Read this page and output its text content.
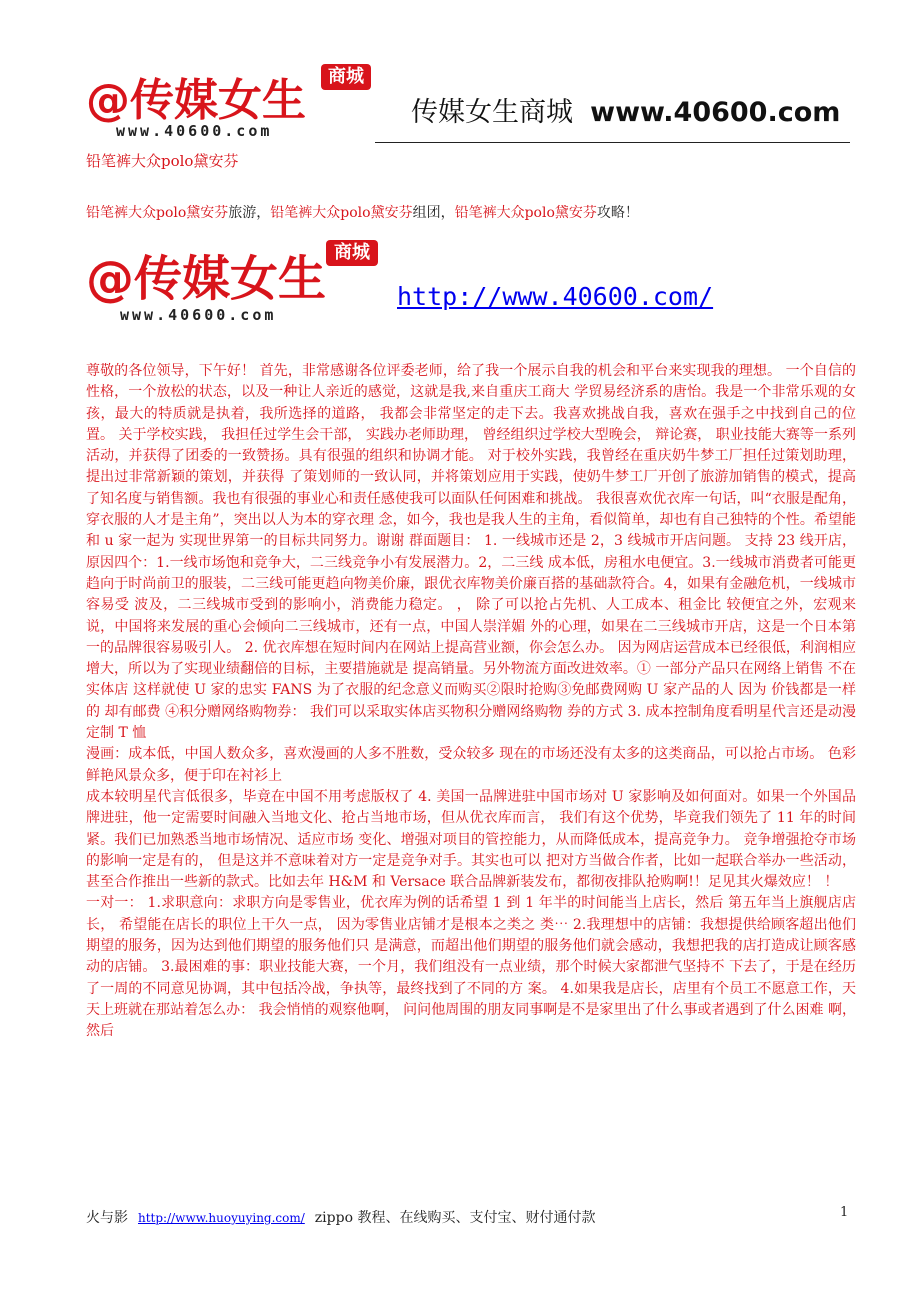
@传媒女生	商城
www.40600.com
传媒女生商城 www.40600.com
铅笔裤大众polo黛安芬
铅笔裤大众polo黛安芬旅游，铅笔裤大众polo黛安芬组团，铅笔裤大众polo黛安芬攻略！
@传媒女生 商城
www.40600.com
http://www.40600.com/

尊敬的各位领导，下午好！ 首先，非常感谢各位评委老师，给了我一个展示自我的机会和平台来实现我的理想。 一个自信的性格，一个放松的状态，以及一种让人亲近的感觉，这就是我,来自重庆工商大 学贸易经济系的唐怡。我是一个非常乐观的女孩，最大的特质就是执着，我所选择的道路， 我都会非常坚定的走下去。我喜欢挑战自我，喜欢在强手之中找到自己的位置。 关于学校实践， 我担任过学生会干部， 实践办老师助理， 曾经组织过学校大型晚会， 辩论赛， 职业技能大赛等一系列活动，并获得了团委的一致赞扬。具有很强的组织和协调才能。 对于校外实践，我曾经在重庆奶牛梦工厂担任过策划助理，提出过非常新颖的策划，并获得 了策划师的一致认同，并将策划应用于实践，使奶牛梦工厂开创了旅游加销售的模式，提高 了知名度与销售额。我也有很强的事业心和责任感使我可以面队任何困难和挑战。 我很喜欢优衣库一句话，叫“衣服是配角，穿衣服的人才是主角”，突出以人为本的穿衣理 念，如今，我也是我人生的主角，看似简单，却也有自己独特的个性。希望能和 u 家一起为 实现世界第一的目标共同努力。谢谢 群面题目： 1. 一线城市还是 2，3 线城市开店问题。 支持 23 线开店，原因四个：1.一线市场饱和竞争大，二三线竞争小有发展潜力。2，二三线 成本低，房租水电便宜。3.一线城市消费者可能更趋向于时尚前卫的服装，二三线可能更趋向物美价廉，跟优衣库物美价廉百搭的基础款符合。4，如果有金融危机，一线城市容易受 波及，二三线城市受到的影响小，消费能力稳定。 ， 除了可以抢占先机、人工成本、租金比 较便宜之外，宏观来说，中国将来发展的重心会倾向二三线城市，还有一点，中国人崇洋媚 外的心理，如果在二三线城市开店，这是一个日本第一的品牌很容易吸引人。 2. 优衣库想在短时间内在网站上提高营业额，你会怎么办。 因为网店运营成本已经很低，利润相应增大，所以为了实现业绩翻倍的目标，主要措施就是 提高销量。另外物流方面改进效率。① 一部分产品只在网络上销售 不在实体店 这样就使 U 家的忠实 FANS 为了衣服的纪念意义而购买②限时抢购③免邮费网购 U 家产品的人 因为 价钱都是一样的 却有邮费 ④积分赠网络购物券： 我们可以采取实体店买物积分赠网络购物 券的方式 3. 成本控制角度看明星代言还是动漫定制 T 恤

漫画：成本低，中国人数众多，喜欢漫画的人多不胜数，受众较多 现在的市场还没有太多的这类商品，可以抢占市场。 色彩鲜艳风景众多，便于印在衬衫上

成本较明星代言低很多，毕竟在中国不用考虑版权了 4. 美国一品牌进驻中国市场对 U 家影响及如何面对。如果一个外国品牌进驻，他一定需要时间融入当地文化、抢占当地市场，但从优衣库而言， 我们有这个优势，毕竟我们领先了 11 年的时间紧。我们已加熟悉当地市场情况、适应市场 变化、增强对项目的管控能力，从而降低成本，提高竞争力。 竞争增强抢夺市场的影响一定是有的， 但是这并不意味着对方一定是竞争对手。其实也可以 把对方当做合作者，比如一起联合举办一些活动，甚至合作推出一些新的款式。比如去年 H&M 和 Versace 联合品牌新装发布，都彻夜排队抢购啊!！足见其火爆效应！ ！

一对一： 1.求职意向：求职方向是零售业，优衣库为例的话希望 1 到 1 年半的时间能当上店长，然后 第五年当上旗舰店店长， 希望能在店长的职位上干久一点， 因为零售业店铺才是根本之类之 类⋯ 2.我理想中的店铺：我想提供给顾客超出他们期望的服务，因为达到他们期望的服务他们只 是满意，而超出他们期望的服务他们就会感动，我想把我的店打造成让顾客感动的店铺。 3.最困难的事：职业技能大赛，一个月，我们组没有一点业绩，那个时候大家都泄气坚持不 下去了，于是在经历了一周的不同意见协调，其中包括冷战，争执等，最终找到了不同的方 案。 4.如果我是店长，店里有个员工不愿意工作，天天上班就在那站着怎么办： 我会悄悄的观察他啊， 问问他周围的朋友同事啊是不是家里出了什么事或者遇到了什么困难 啊，然后

火与影 http://www.huoyuying.com/ zippo 教程、在线购买、支付宝、财付通付款	1
